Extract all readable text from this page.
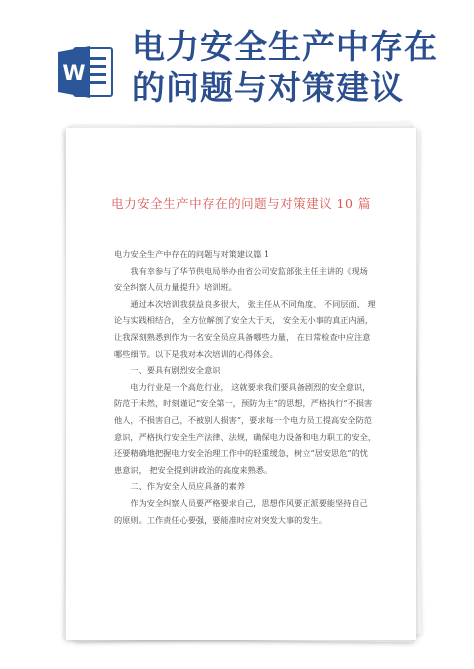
W
电力安全生产中存在的问题与对策建议
电力安全生产中存在的问题与对策建议 10 篇

电力安全生产中存在的问题与对策建议篇 1

我有幸参与了华节供电局举办由省公司安监部张主任主讲的《现场安全纠察人员力量提升》培训班。

通过本次培训我获益良多很大， 张主任从不同角度、 不同层面、 理论与实践相结合， 全方位解剖了安全大于天， 安全无小事的真正内涵，让我深刻熟悉到作为一名安全员应具备哪些力量， 在日常检查中应注意哪些细节。以下是我对本次培训的心得体会。

一、要具有剧烈安全意识

电力行业是一个高危行业， 这就要求我们要具备剧烈的安全意识，防范于未然，时刻谨记“安全第一，预防为主”的思想，严格执行“不损害他人，不损害自己，不被别人损害”，要求每一个电力员工提高安全防范意识，严格执行安全生产法律、法规，确保电力设备和电力职工的安全，还要精确地把握电力安全治理工作中的轻重缓急，树立“居安思危”的忧患意识， 把安全提到讲政治的高度来熟悉。

二、作为安全人员应具备的素养

作为安全纠察人员要严格要求自己，思想作风要正派要能坚持自己的原则。工作责任心要强，要能准时应对突发大事的发生。
